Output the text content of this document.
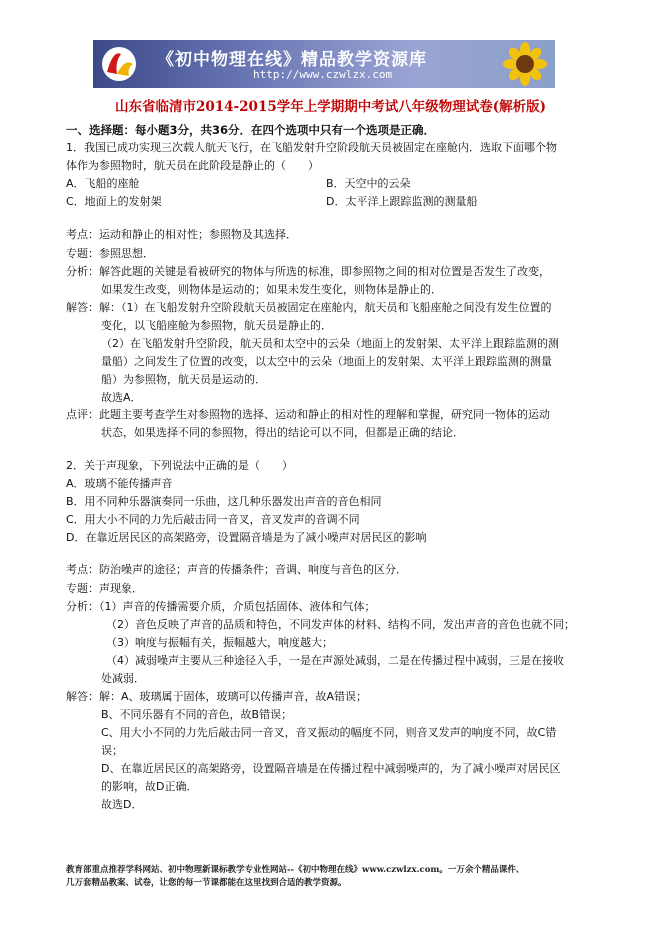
《初中物理在线》精品教学资源库
http://www.czwlzx.com
山东省临清市2014-2015学年上学期期中考试八年级物理试卷(解析版)
一、选择题：每小题3分，共36分．在四个选项中只有一个选项是正确．
1．我国已成功实现三次载人航天飞行，在飞船发射升空阶段航天员被固定在座舱内．选取下面哪个物
体作为参照物时，航天员在此阶段是静止的（　　）
A．飞船的座舱	B．天空中的云朵
C．地面上的发射架	D．太平洋上跟踪监测的测量船
考点：运动和静止的相对性；参照物及其选择．
专题：参照思想．
分析：解答此题的关键是看被研究的物体与所选的标准，即参照物之间的相对位置是否发生了改变，
如果发生改变，则物体是运动的；如果未发生变化，则物体是静止的．
解答：解：（1）在飞船发射升空阶段航天员被固定在座舱内，航天员和飞船座舱之间没有发生位置的
变化，以飞船座舱为参照物，航天员是静止的．
（2）在飞船发射升空阶段，航天员和太空中的云朵（地面上的发射架、太平洋上跟踪监测的测
量船）之间发生了位置的改变，以太空中的云朵（地面上的发射架、太平洋上跟踪监测的测量
船）为参照物，航天员是运动的．
故选A．
点评：此题主要考查学生对参照物的选择、运动和静止的相对性的理解和掌握，研究同一物体的运动
状态，如果选择不同的参照物，得出的结论可以不同，但都是正确的结论．
2．关于声现象，下列说法中正确的是（　　）
A．玻璃不能传播声音
B．用不同种乐器演奏同一乐曲，这几种乐器发出声音的音色相同
C．用大小不同的力先后敲击同一音叉，音叉发声的音调不同
D．在靠近居民区的高架路旁，设置隔音墙是为了减小噪声对居民区的影响
考点：防治噪声的途径；声音的传播条件；音调、响度与音色的区分．
专题：声现象．
分析：（1）声音的传播需要介质，介质包括固体、液体和气体；
（2）音色反映了声音的品质和特色，不同发声体的材料、结构不同，发出声音的音色也就不同；
（3）响度与振幅有关，振幅越大，响度越大；
（4）减弱噪声主要从三种途径入手，一是在声源处减弱，二是在传播过程中减弱，三是在接收
处减弱．
解答：解：A、玻璃属于固体，玻璃可以传播声音，故A错误；
B、不同乐器有不同的音色，故B错误；
C、用大小不同的力先后敲击同一音叉，音叉振动的幅度不同，则音叉发声的响度不同，故C错
误；
D、在靠近居民区的高架路旁，设置隔音墙是在传播过程中减弱噪声的，为了减小噪声对居民区
的影响，故D正确．
故选D．
教育部重点推荐学科网站、初中物理新课标教学专业性网站--《初中物理在线》www.czwlzx.com。一万余个精品课件、
几万套精品教案、试卷，让您的每一节课都能在这里找到合适的教学资源。
